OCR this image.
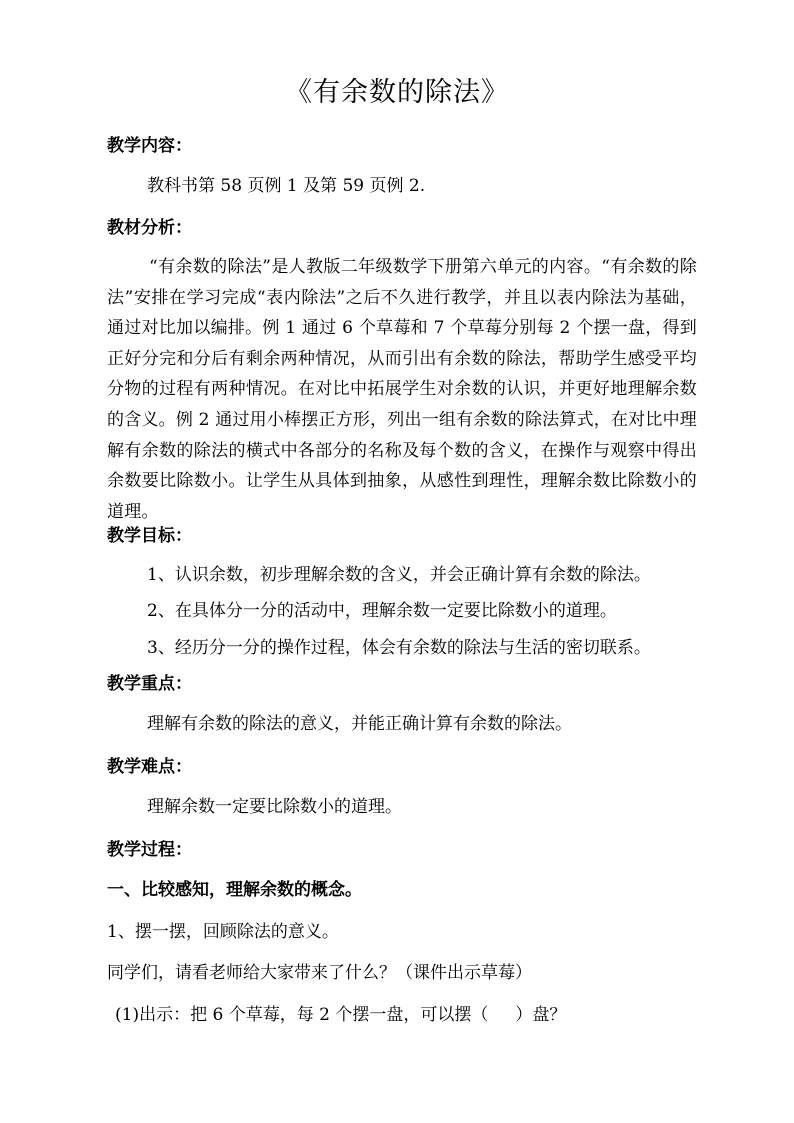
《有余数的除法》
教学内容：
教科书第 58 页例 1 及第 59 页例 2.
教材分析：
“有余数的除法”是人教版二年级数学下册第六单元的内容。“有余数的除法”安排在学习完成“表内除法”之后不久进行教学，并且以表内除法为基础，通过对比加以编排。例 1 通过 6 个草莓和 7 个草莓分别每 2 个摆一盘，得到正好分完和分后有剩余两种情况，从而引出有余数的除法，帮助学生感受平均分物的过程有两种情况。在对比中拓展学生对余数的认识，并更好地理解余数的含义。例 2 通过用小棒摆正方形，列出一组有余数的除法算式，在对比中理解有余数的除法的横式中各部分的名称及每个数的含义，在操作与观察中得出余数要比除数小。让学生从具体到抽象，从感性到理性，理解余数比除数小的道理。
教学目标：
1、认识余数，初步理解余数的含义，并会正确计算有余数的除法。
2、在具体分一分的活动中，理解余数一定要比除数小的道理。
3、经历分一分的操作过程，体会有余数的除法与生活的密切联系。
教学重点：
理解有余数的除法的意义，并能正确计算有余数的除法。
教学难点：
理解余数一定要比除数小的道理。
教学过程：
一、比较感知，理解余数的概念。
1、摆一摆，回顾除法的意义。
同学们，请看老师给大家带来了什么？（课件出示草莓）
(1)出示：把 6 个草莓，每 2 个摆一盘，可以摆（     ）盘？
